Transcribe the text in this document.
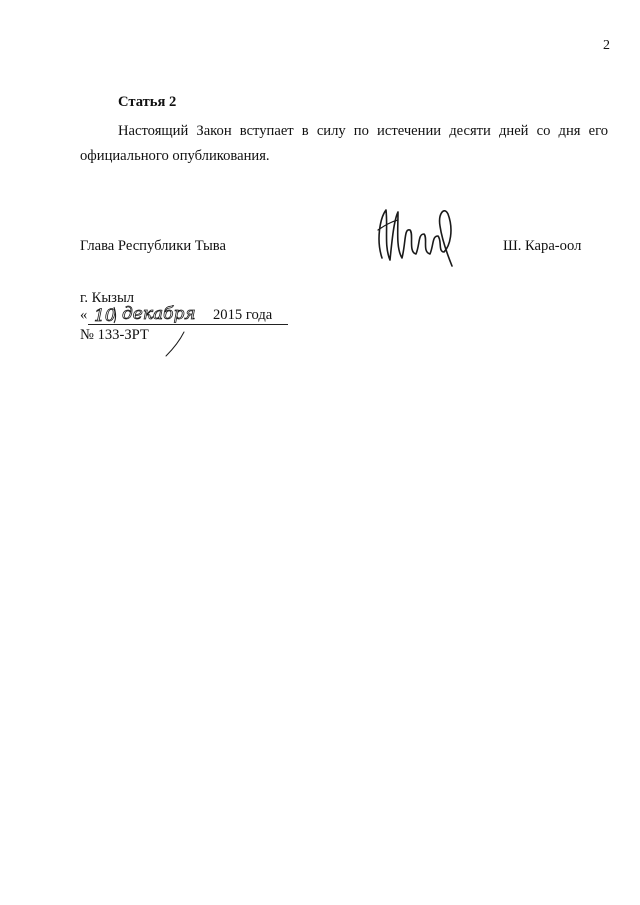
2
Статья 2
Настоящий Закон вступает в силу по истечении десяти дней со дня его официального опубликования.
Глава Республики Тыва	Ш. Кара-оол
г. Кызыл
« 10 декабря 2015 года
№ 133-ЗРТ
